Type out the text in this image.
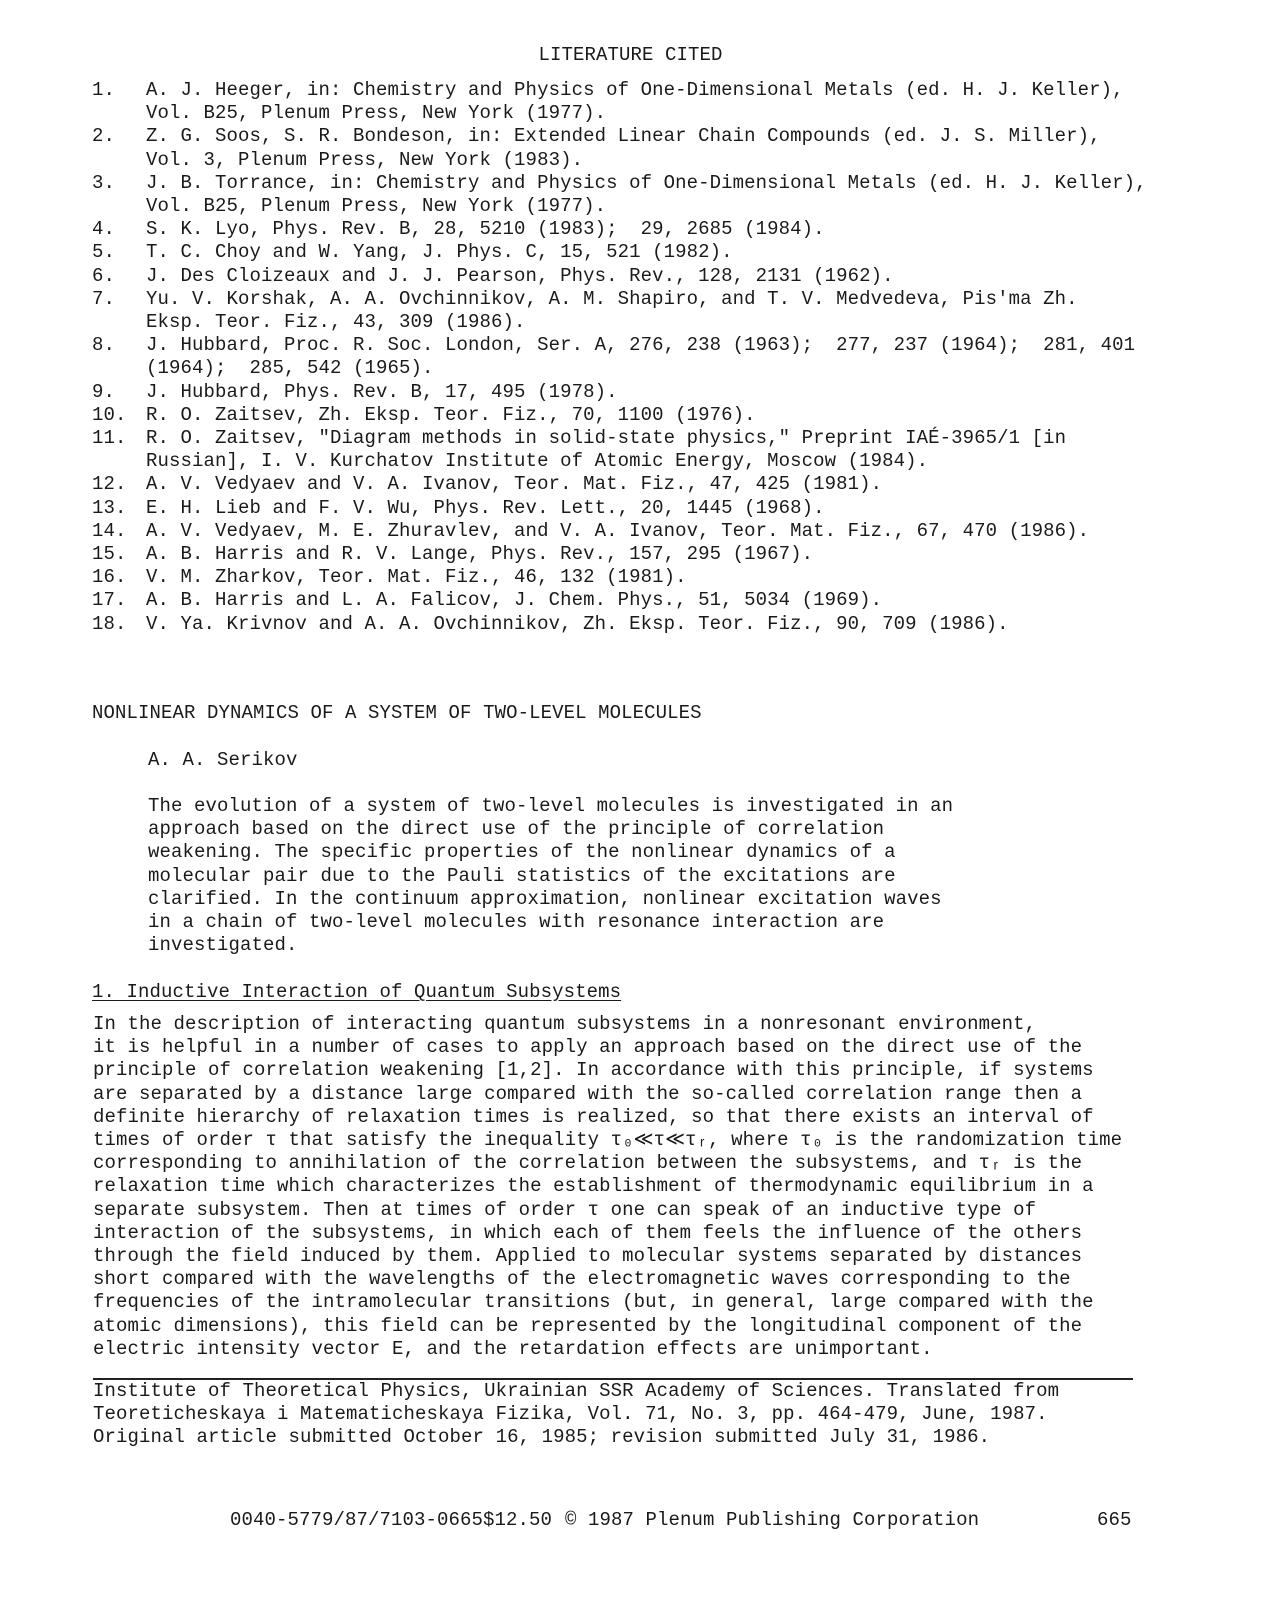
LITERATURE CITED
1.	A. J. Heeger, in: Chemistry and Physics of One-Dimensional Metals (ed. H. J. Keller),
Vol. B25, Plenum Press, New York (1977).
2.	Z. G. Soos, S. R. Bondeson, in: Extended Linear Chain Compounds (ed. J. S. Miller),
Vol. 3, Plenum Press, New York (1983).
3.	J. B. Torrance, in: Chemistry and Physics of One-Dimensional Metals (ed. H. J. Keller),
Vol. B25, Plenum Press, New York (1977).
4.	S. K. Lyo, Phys. Rev. B, 28, 5210 (1983);  29, 2685 (1984).
5.	T. C. Choy and W. Yang, J. Phys. C, 15, 521 (1982).
6.	J. Des Cloizeaux and J. J. Pearson, Phys. Rev., 128, 2131 (1962).
7.	Yu. V. Korshak, A. A. Ovchinnikov, A. M. Shapiro, and T. V. Medvedeva, Pis'ma Zh.
Eksp. Teor. Fiz., 43, 309 (1986).
8.	J. Hubbard, Proc. R. Soc. London, Ser. A, 276, 238 (1963);  277, 237 (1964);  281, 401
(1964);  285, 542 (1965).
9.	J. Hubbard, Phys. Rev. B, 17, 495 (1978).
10.	R. O. Zaitsev, Zh. Eksp. Teor. Fiz., 70, 1100 (1976).
11.	R. O. Zaitsev, "Diagram methods in solid-state physics," Preprint IAÉ-3965/1 [in
Russian], I. V. Kurchatov Institute of Atomic Energy, Moscow (1984).
12.	A. V. Vedyaev and V. A. Ivanov, Teor. Mat. Fiz., 47, 425 (1981).
13.	E. H. Lieb and F. V. Wu, Phys. Rev. Lett., 20, 1445 (1968).
14.	A. V. Vedyaev, M. E. Zhuravlev, and V. A. Ivanov, Teor. Mat. Fiz., 67, 470 (1986).
15.	A. B. Harris and R. V. Lange, Phys. Rev., 157, 295 (1967).
16.	V. M. Zharkov, Teor. Mat. Fiz., 46, 132 (1981).
17.	A. B. Harris and L. A. Falicov, J. Chem. Phys., 51, 5034 (1969).
18.	V. Ya. Krivnov and A. A. Ovchinnikov, Zh. Eksp. Teor. Fiz., 90, 709 (1986).
NONLINEAR DYNAMICS OF A SYSTEM OF TWO-LEVEL MOLECULES
A. A. Serikov

The evolution of a system of two-level molecules is investigated in an
approach based on the direct use of the principle of correlation
weakening. The specific properties of the nonlinear dynamics of a
molecular pair due to the Pauli statistics of the excitations are
clarified. In the continuum approximation, nonlinear excitation waves
in a chain of two-level molecules with resonance interaction are
investigated.

1. Inductive Interaction of Quantum Subsystems

In the description of interacting quantum subsystems in a nonresonant environment,
it is helpful in a number of cases to apply an approach based on the direct use of the
principle of correlation weakening [1,2]. In accordance with this principle, if systems
are separated by a distance large compared with the so-called correlation range then a
definite hierarchy of relaxation times is realized, so that there exists an interval of
times of order τ that satisfy the inequality τ₀≪τ≪τᵣ, where τ₀ is the randomization time
corresponding to annihilation of the correlation between the subsystems, and τᵣ is the
relaxation time which characterizes the establishment of thermodynamic equilibrium in a
separate subsystem. Then at times of order τ one can speak of an inductive type of
interaction of the subsystems, in which each of them feels the influence of the others
through the field induced by them. Applied to molecular systems separated by distances
short compared with the wavelengths of the electromagnetic waves corresponding to the
frequencies of the intramolecular transitions (but, in general, large compared with the
atomic dimensions), this field can be represented by the longitudinal component of the
electric intensity vector E, and the retardation effects are unimportant.

Institute of Theoretical Physics, Ukrainian SSR Academy of Sciences. Translated from
Teoreticheskaya i Matematicheskaya Fizika, Vol. 71, No. 3, pp. 464-479, June, 1987.
Original article submitted October 16, 1985; revision submitted July 31, 1986.

0040-5779/87/7103-0665$12.50 © 1987 Plenum Publishing Corporation	665
